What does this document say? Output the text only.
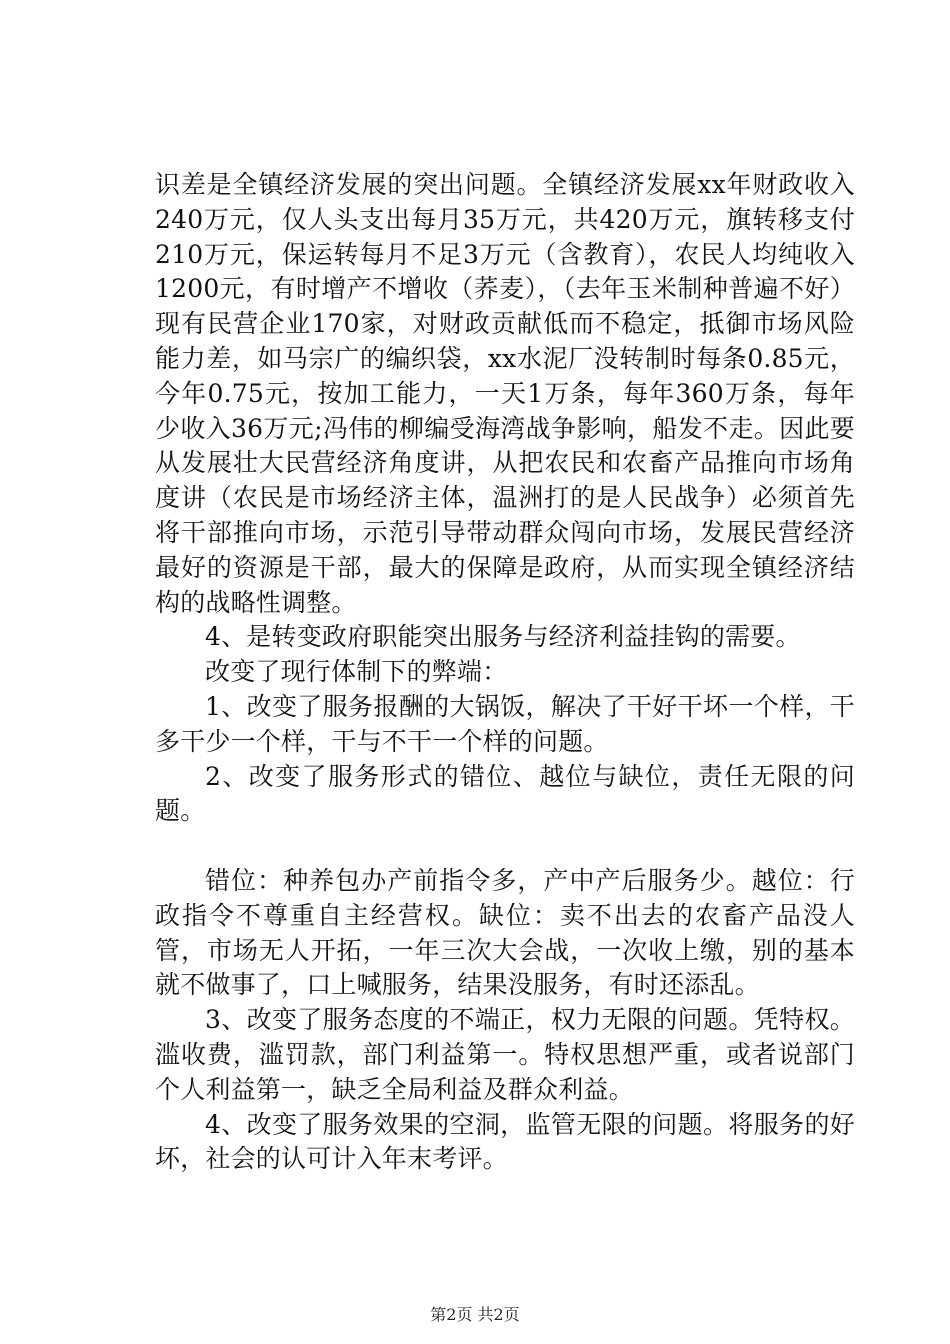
识差是全镇经济发展的突出问题。全镇经济发展xx年财政收入240万元，仅人头支出每月35万元，共420万元，旗转移支付210万元，保运转每月不足3万元（含教育），农民人均纯收入1200元，有时增产不增收（荞麦），（去年玉米制种普遍不好）现有民营企业170家，对财政贡献低而不稳定，抵御市场风险能力差，如马宗广的编织袋，xx水泥厂没转制时每条0.85元，今年0.75元，按加工能力，一天1万条，每年360万条，每年少收入36万元;冯伟的柳编受海湾战争影响，船发不走。因此要从发展壮大民营经济角度讲，从把农民和农畜产品推向市场角度讲（农民是市场经济主体，温洲打的是人民战争）必须首先将干部推向市场，示范引导带动群众闯向市场，发展民营经济最好的资源是干部，最大的保障是政府，从而实现全镇经济结构的战略性调整。

4、是转变政府职能突出服务与经济利益挂钩的需要。

改变了现行体制下的弊端：

1、改变了服务报酬的大锅饭，解决了干好干坏一个样，干多干少一个样，干与不干一个样的问题。

2、改变了服务形式的错位、越位与缺位，责任无限的问题。

错位：种养包办产前指令多，产中产后服务少。越位：行政指令不尊重自主经营权。缺位：卖不出去的农畜产品没人管，市场无人开拓，一年三次大会战，一次收上缴，别的基本就不做事了，口上喊服务，结果没服务，有时还添乱。

3、改变了服务态度的不端正，权力无限的问题。凭特权。滥收费，滥罚款，部门利益第一。特权思想严重，或者说部门个人利益第一，缺乏全局利益及群众利益。

4、改变了服务效果的空洞，监管无限的问题。将服务的好坏，社会的认可计入年末考评。

第2页 共2页
